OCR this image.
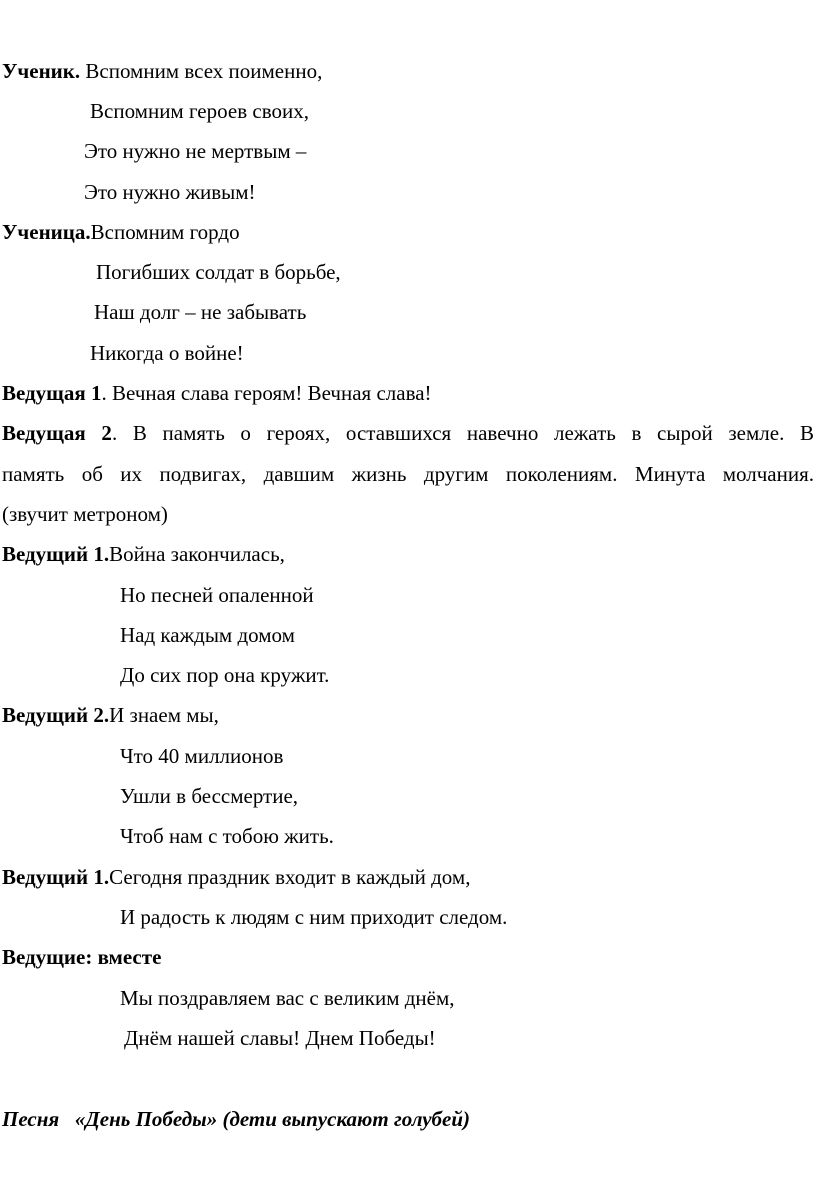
Ученик. Вспомним всех поименно,
Вспомним героев своих,
Это нужно не мертвым –
Это нужно живым!
Ученица.Вспомним гордо
Погибших солдат в борьбе,
Наш долг – не забывать
Никогда о войне!
Ведущая 1. Вечная слава героям! Вечная слава!
Ведущая 2. В память о героях, оставшихся навечно лежать в сырой земле. В
память об их подвигах, давшим жизнь другим поколениям. Минута молчания.
(звучит метроном)
Ведущий 1.Война закончилась,
Но песней опаленной
Над каждым домом
До сих пор она кружит.
Ведущий 2.И знаем мы,
Что 40 миллионов
Ушли в бессмертие,
Чтоб нам с тобою жить.
Ведущий 1.Сегодня праздник входит в каждый дом,
И радость к людям с ним приходит следом.
Ведущие: вместе
Мы поздравляем вас с великим днём,
Днём нашей славы! Днем Победы!
Песня   «День Победы» (дети выпускают голубей)
